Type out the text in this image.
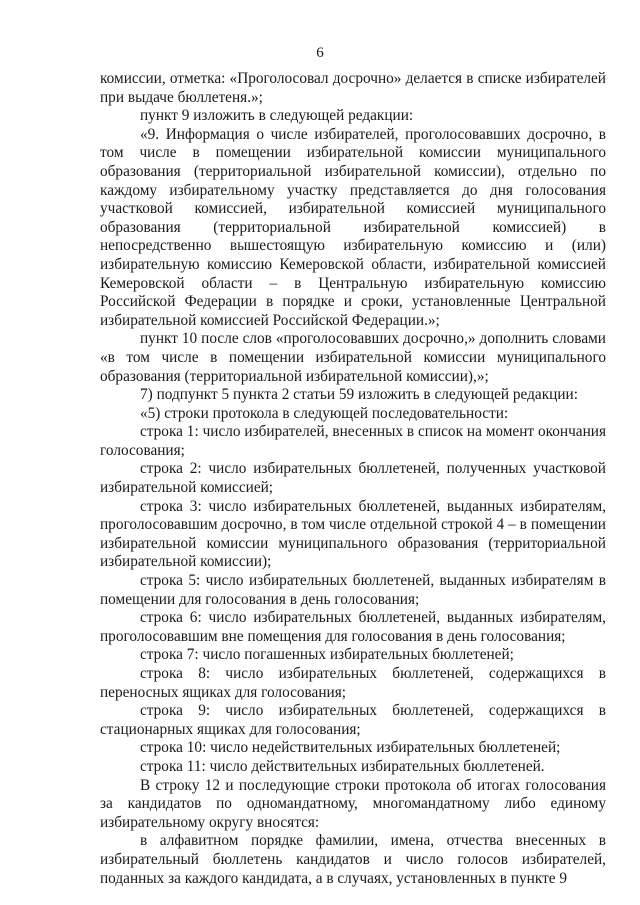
6

комиссии, отметка: «Проголосовал досрочно» делается в списке избирателей при выдаче бюллетеня.»;

пункт 9 изложить в следующей редакции:

«9. Информация о числе избирателей, проголосовавших досрочно, в том числе в помещении избирательной комиссии муниципального образования (территориальной избирательной комиссии), отдельно по каждому избирательному участку представляется до дня голосования участковой комиссией, избирательной комиссией муниципального образования (территориальной избирательной комиссией) в непосредственно вышестоящую избирательную комиссию и (или) избирательную комиссию Кемеровской области, избирательной комиссией Кемеровской области – в Центральную избирательную комиссию Российской Федерации в порядке и сроки, установленные Центральной избирательной комиссией Российской Федерации.»;

пункт 10 после слов «проголосовавших досрочно,» дополнить словами «в том числе в помещении избирательной комиссии муниципального образования (территориальной избирательной комиссии),»;

7) подпункт 5 пункта 2 статьи 59 изложить в следующей редакции:

«5) строки протокола в следующей последовательности:

строка 1: число избирателей, внесенных в список на момент окончания голосования;

строка 2: число избирательных бюллетеней, полученных участковой избирательной комиссией;

строка 3: число избирательных бюллетеней, выданных избирателям, проголосовавшим досрочно, в том числе отдельной строкой 4 – в помещении избирательной комиссии муниципального образования (территориальной избирательной комиссии);

строка 5: число избирательных бюллетеней, выданных избирателям в помещении для голосования в день голосования;

строка 6: число избирательных бюллетеней, выданных избирателям, проголосовавшим вне помещения для голосования в день голосования;

строка 7: число погашенных избирательных бюллетеней;

строка 8: число избирательных бюллетеней, содержащихся в переносных ящиках для голосования;

строка 9: число избирательных бюллетеней, содержащихся в стационарных ящиках для голосования;

строка 10: число недействительных избирательных бюллетеней;

строка 11: число действительных избирательных бюллетеней.

В строку 12 и последующие строки протокола об итогах голосования за кандидатов по одномандатному, многомандатному либо единому избирательному округу вносятся:

в алфавитном порядке фамилии, имена, отчества внесенных в избирательный бюллетень кандидатов и число голосов избирателей, поданных за каждого кандидата, а в случаях, установленных в пункте 9
